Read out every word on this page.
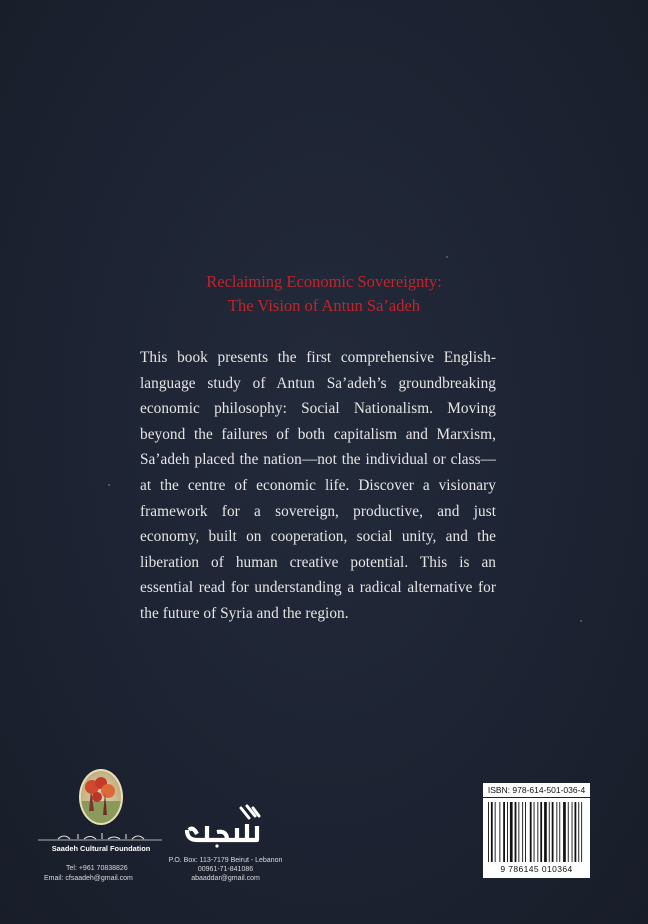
Reclaiming Economic Sovereignty:
The Vision of Antun Sa’adeh
This book presents the first comprehensive English-language study of Antun Sa’adeh’s groundbreaking economic philosophy: Social Nationalism. Moving beyond the failures of both capitalism and Marxism, Sa’adeh placed the nation—not the individual or class—at the centre of economic life. Discover a visionary framework for a sovereign, productive, and just economy, built on cooperation, social unity, and the liberation of human creative potential. This is an essential read for understanding a radical alternative for the future of Syria and the region.
Saadeh Cultural Foundation
Tel: +961 70838826
Email: cfsaadeh@gmail.com
P.O. Box: 113-7179 Beirut - Lebanon
00961-71-841086
abaaddar@gmail.com
ISBN: 978-614-501-036-4
9 786145 010364
